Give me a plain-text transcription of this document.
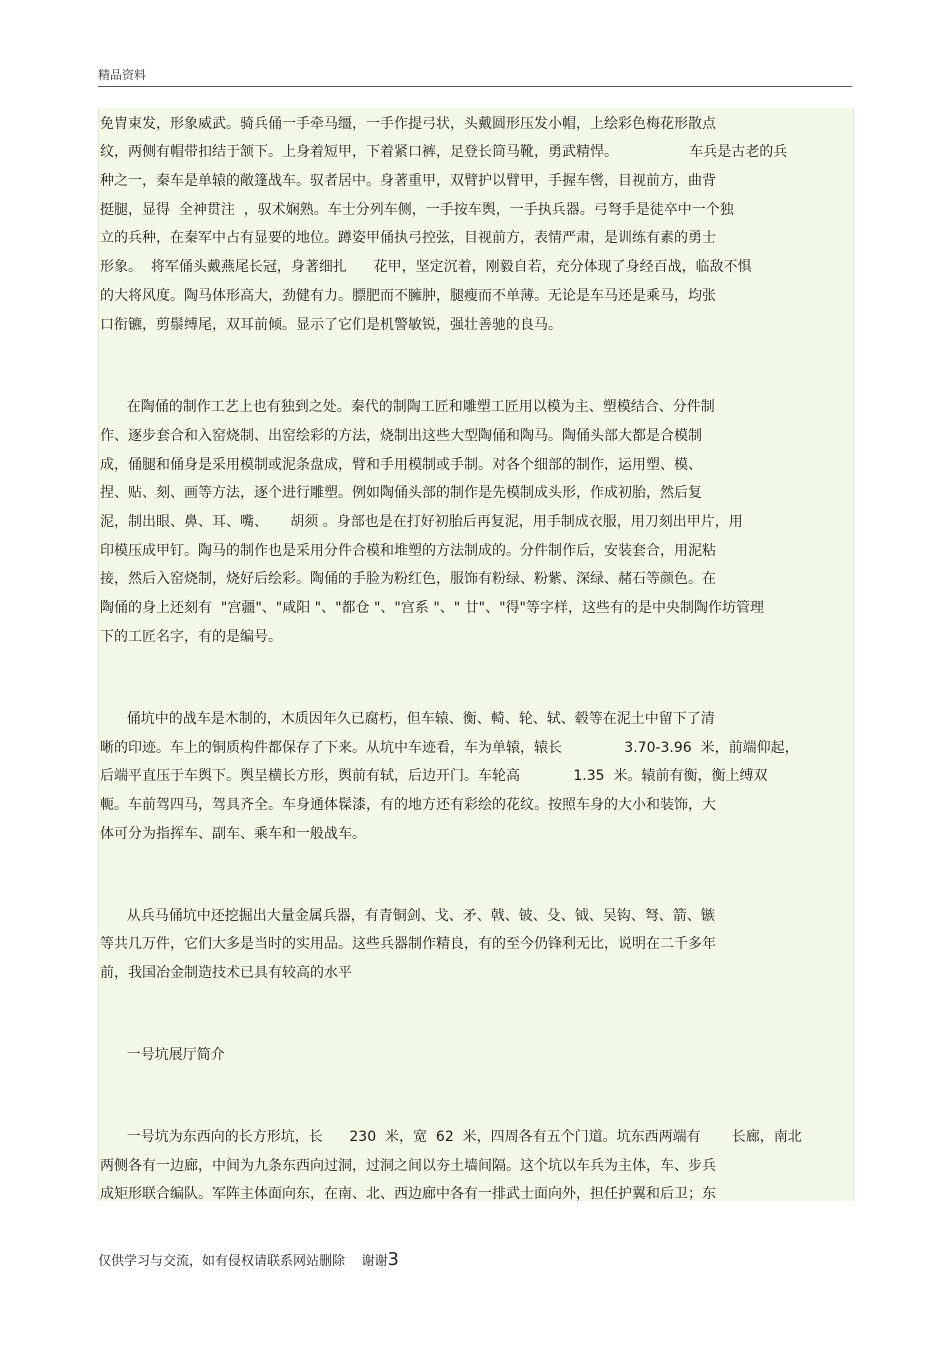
精品资料
免胄束发，形象威武。骑兵俑一手牵马缰，一手作提弓状，头戴圆形压发小帽，上绘彩色梅花形散点
纹，两侧有帽带扣结于颔下。上身着短甲，下着紧口裤，足登长筒马靴，勇武精悍。                车兵是古老的兵
种之一，秦车是单辕的敞篷战车。驭者居中。身著重甲，双臂护以臂甲，手握车辔，目视前方，曲背
挺腿，显得  全神贯注  ，驭术娴熟。车士分列车侧，一手按车舆，一手执兵器。弓弩手是徒卒中一个独
立的兵种，在秦军中占有显要的地位。蹲姿甲俑执弓控弦，目视前方，表情严肃，是训练有素的勇士
形象。  将军俑头戴燕尾长冠，身著细扎      花甲，坚定沉着，刚毅自若，充分体现了身经百战，临敌不惧
的大将风度。陶马体形高大，劲健有力。膘肥而不臃肿，腿瘦而不单薄。无论是车马还是乘马，均张
口衔镳，剪鬃缚尾，双耳前倾。显示了它们是机警敏锐，强壮善驰的良马。
在陶俑的制作工艺上也有独到之处。秦代的制陶工匠和雕塑工匠用以模为主、塑模结合、分件制
作、逐步套合和入窑烧制、出窑绘彩的方法，烧制出这些大型陶俑和陶马。陶俑头部大都是合模制
成，俑腿和俑身是采用模制或泥条盘成，臂和手用模制或手制。对各个细部的制作，运用塑、模、
捏、贴、刻、画等方法，逐个进行雕塑。例如陶俑头部的制作是先模制成头形，作成初胎，然后复
泥，制出眼、鼻、耳、嘴、     胡须 。身部也是在打好初胎后再复泥，用手制成衣服，用刀刻出甲片，用
印模压成甲钉。陶马的制作也是采用分件合模和堆塑的方法制成的。分件制作后，安装套合，用泥粘
接，然后入窑烧制，烧好后绘彩。陶俑的手脸为粉红色，服饰有粉绿、粉紫、深绿、赭石等颜色。在
陶俑的身上还刻有  "宫疆"、"咸阳 "、"都仓 "、"宫系 "、" 廿"、"得"等字样，这些有的是中央制陶作坊管理
下的工匠名字，有的是编号。
俑坑中的战车是木制的，木质因年久已腐朽，但车辕、衡、輢、轮、轼、毂等在泥土中留下了清
晰的印迹。车上的铜质构件都保存了下来。从坑中车迹看，车为单辕，辕长              3.70-3.96  米，前端仰起，
后端平直压于车舆下。舆呈横长方形，舆前有轼，后边开门。车轮高            1.35  米。辕前有衡，衡上缚双
軛。车前驾四马，驾具齐全。车身通体髹漆，有的地方还有彩绘的花纹。按照车身的大小和装饰，大
体可分为指挥车、副车、乘车和一般战车。
从兵马俑坑中还挖掘出大量金属兵器，有青铜剑、戈、矛、戟、铍、殳、钺、吴钩、弩、箭、镞
等共几万件，它们大多是当时的实用品。这些兵器制作精良，有的至今仍锋利无比，说明在二千多年
前，我国冶金制造技术已具有较高的水平
一号坑展厅简介
一号坑为东西向的长方形坑，长      230  米，宽  62  米，四周各有五个门道。坑东西两端有       长廊，南北
两侧各有一边廊，中间为九条东西向过洞，过洞之间以夯土墙间隔。这个坑以车兵为主体，车、步兵
成矩形联合编队。军阵主体面向东，在南、北、西边廊中各有一排武士面向外，担任护翼和后卫；东
仅供学习与交流，如有侵权请联系网站删除    谢谢3
